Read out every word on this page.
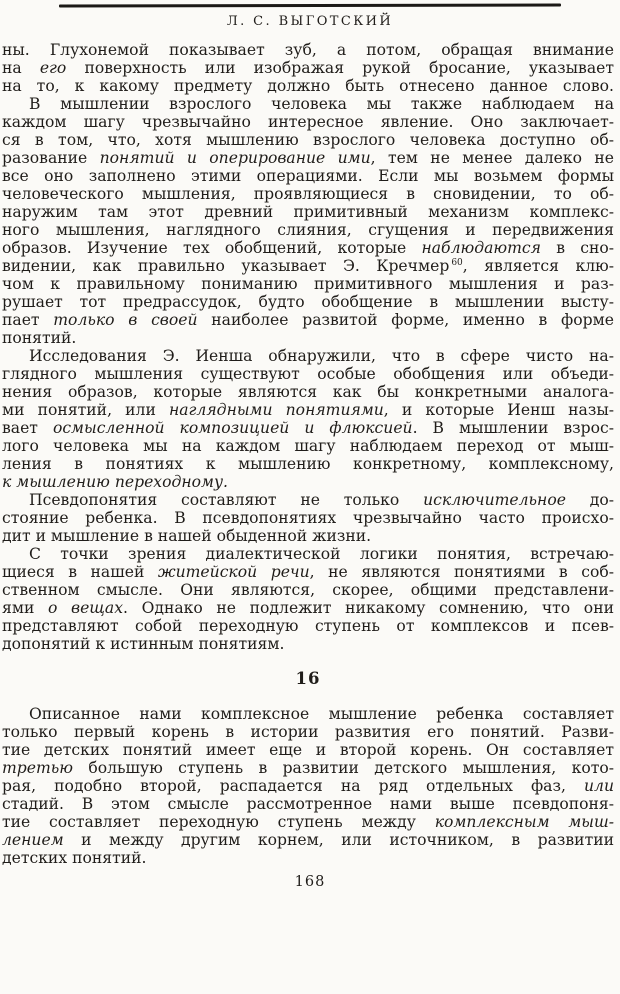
Л. С. ВЫГОТСКИЙ
ны. Глухонемой показывает зуб, а потом, обращая внимание
на его поверхность или изображая рукой бросание, указывает
на то, к какому предмету должно быть отнесено данное слово.
В мышлении взрослого человека мы также наблюдаем на
каждом шагу чрезвычайно интересное явление. Оно заключает-
ся в том, что, хотя мышлению взрослого человека доступно об-
разование понятий и оперирование ими, тем не менее далеко не
все оно заполнено этими операциями. Если мы возьмем формы
человеческого мышления, проявляющиеся в сновидении, то об-
наружим там этот древний примитивный механизм комплекс-
ного мышления, наглядного слияния, сгущения и передвижения
образов. Изучение тех обобщений, которые наблюдаются в сно-
видении, как правильно указывает Э. Кречмер $^{60}$, является клю-
чом к правильному пониманию примитивного мышления и раз-
рушает тот предрассудок, будто обобщение в мышлении высту-
пает только в своей наиболее развитой форме, именно в форме
понятий.
Исследования Э. Иенша обнаружили, что в сфере чисто на-
глядного мышления существуют особые обобщения или объеди-
нения образов, которые являются как бы конкретными аналога-
ми понятий, или наглядными понятиями, и которые Иенш назы-
вает осмысленной композицией и флюксией. В мышлении взрос-
лого человека мы на каждом шагу наблюдаем переход от мыш-
ления в понятиях к мышлению конкретному, комплексному,
к мышлению переходному.
Псевдопонятия составляют не только исключительное до-
стояние ребенка. В псевдопонятиях чрезвычайно часто происхо-
дит и мышление в нашей обыденной жизни.
С точки зрения диалектической логики понятия, встречаю-
щиеся в нашей житейской речи, не являются понятиями в соб-
ственном смысле. Они являются, скорее, общими представлени-
ями о вещах. Однако не подлежит никакому сомнению, что они
представляют собой переходную ступень от комплексов и псев-
допонятий к истинным понятиям.
16
Описанное нами комплексное мышление ребенка составляет
только первый корень в истории развития его понятий. Разви-
тие детских понятий имеет еще и второй корень. Он составляет
третью большую ступень в развитии детского мышления, кото-
рая, подобно второй, распадается на ряд отдельных фаз, или
стадий. В этом смысле рассмотренное нами выше псевдопоня-
тие составляет переходную ступень между комплексным мыш-
лением и между другим корнем, или источником, в развитии
детских понятий.
168
